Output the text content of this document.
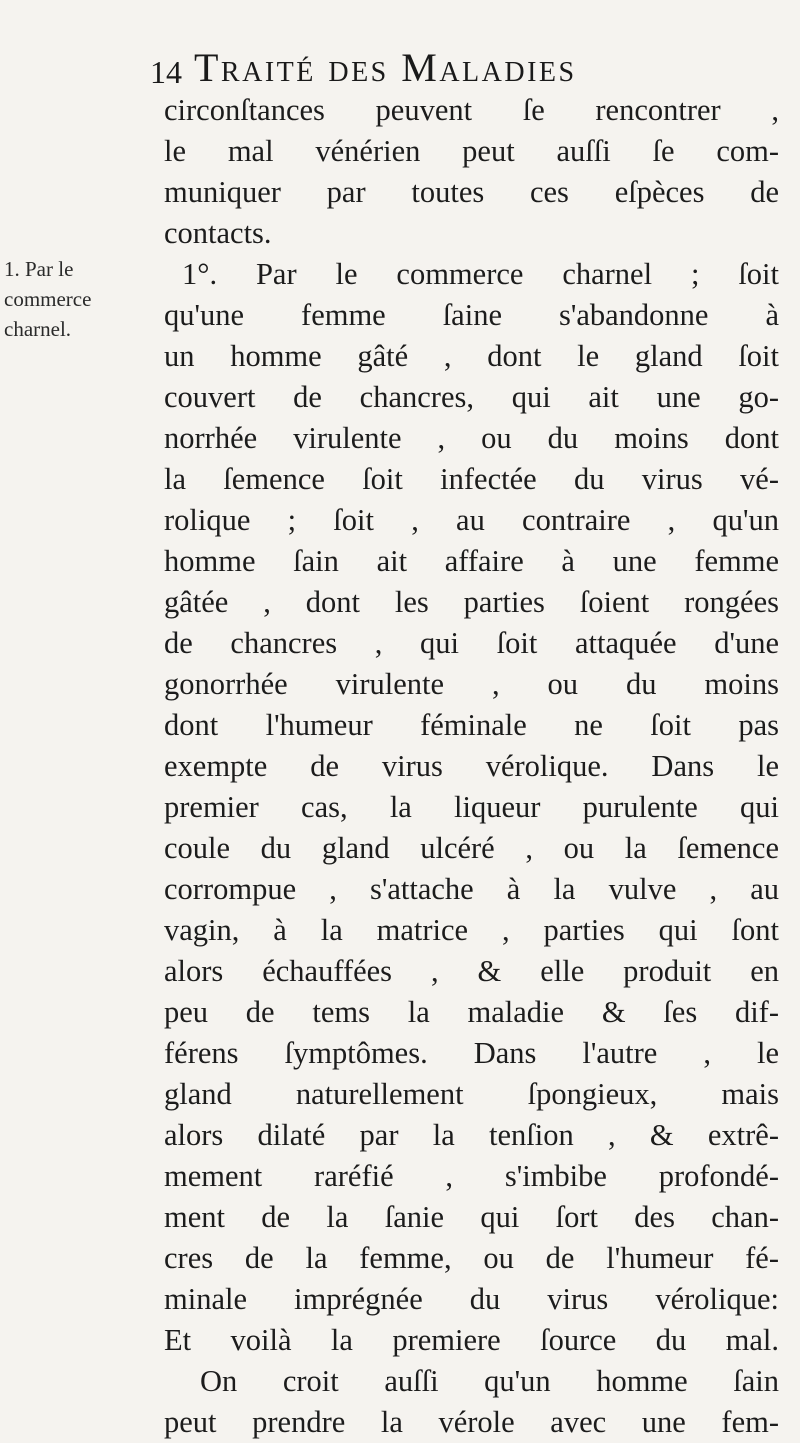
14 Traité des Maladies
1. Par le
commerce
charnel.
circonſtances peuvent ſe rencontrer ,
le mal vénérien peut auſſi ſe com-
muniquer par toutes ces eſpèces de
contacts.
1°. Par le commerce charnel ; ſoit
qu'une femme ſaine s'abandonne à
un homme gâté , dont le gland ſoit
couvert de chancres, qui ait une go-
norrhée virulente , ou du moins dont
la ſemence ſoit infectée du virus vé-
rolique ; ſoit , au contraire , qu'un
homme ſain ait affaire à une femme
gâtée , dont les parties ſoient rongées
de chancres , qui ſoit attaquée d'une
gonorrhée virulente , ou du moins
dont l'humeur féminale ne ſoit pas
exempte de virus vérolique. Dans le
premier cas, la liqueur purulente qui
coule du gland ulcéré , ou la ſemence
corrompue , s'attache à la vulve , au
vagin, à la matrice , parties qui ſont
alors échauffées , & elle produit en
peu de tems la maladie & ſes dif-
férens ſymptômes. Dans l'autre , le
gland naturellement ſpongieux, mais
alors dilaté par la tenſion , & extrê-
mement raréfié , s'imbibe profondé-
ment de la ſanie qui ſort des chan-
cres de la femme, ou de l'humeur fé-
minale imprégnée du virus vérolique:
Et voilà la premiere ſource du mal.
On croit auſſi qu'un homme ſain
peut prendre la vérole avec une fem-
